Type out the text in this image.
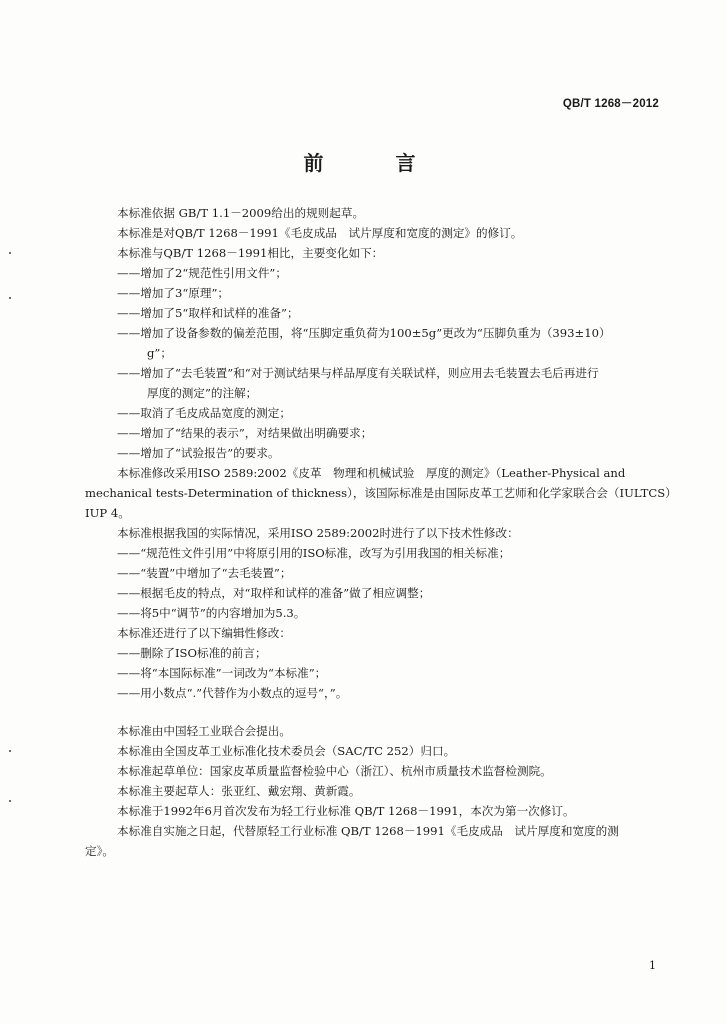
QB/T 1268－2012
前　言
本标准依据 GB/T 1.1－2009给出的规则起草。
本标准是对QB/T 1268－1991《毛皮成品　试片厚度和宽度的测定》的修订。
本标准与QB/T 1268－1991相比，主要变化如下：
——增加了2“规范性引用文件”；
——增加了3“原理”；
——增加了5“取样和试样的准备”；
——增加了设备参数的偏差范围，将“压脚定重负荷为100±5g”更改为“压脚负重为（393±10）
g”；
——增加了“去毛装置”和“对于测试结果与样品厚度有关联试样，则应用去毛装置去毛后再进行
厚度的测定”的注解；
——取消了毛皮成品宽度的测定；
——增加了“结果的表示”，对结果做出明确要求；
——增加了“试验报告”的要求。
本标准修改采用ISO 2589:2002《皮革　物理和机械试验　厚度的测定》（Leather-Physical and
mechanical tests-Determination of thickness），该国际标准是由国际皮革工艺师和化学家联合会（IULTCS）
IUP 4。
本标准根据我国的实际情况，采用ISO 2589:2002时进行了以下技术性修改：
——“规范性文件引用”中将原引用的ISO标准，改写为引用我国的相关标准；
——“装置”中增加了“去毛装置”；
——根据毛皮的特点，对“取样和试样的准备”做了相应调整；
——将5中“调节”的内容增加为5.3。
本标准还进行了以下编辑性修改：
——删除了ISO标准的前言；
——将“本国际标准”一词改为“本标准”；
——用小数点“.”代替作为小数点的逗号“，”。
本标准由中国轻工业联合会提出。
本标准由全国皮革工业标准化技术委员会（SAC/TC 252）归口。
本标准起草单位：国家皮革质量监督检验中心（浙江）、杭州市质量技术监督检测院。
本标准主要起草人：张亚红、戴宏翔、黄新霞。
本标准于1992年6月首次发布为轻工行业标准 QB/T 1268－1991，本次为第一次修订。
本标准自实施之日起，代替原轻工行业标准 QB/T 1268－1991《毛皮成品　试片厚度和宽度的测
定》。
1
